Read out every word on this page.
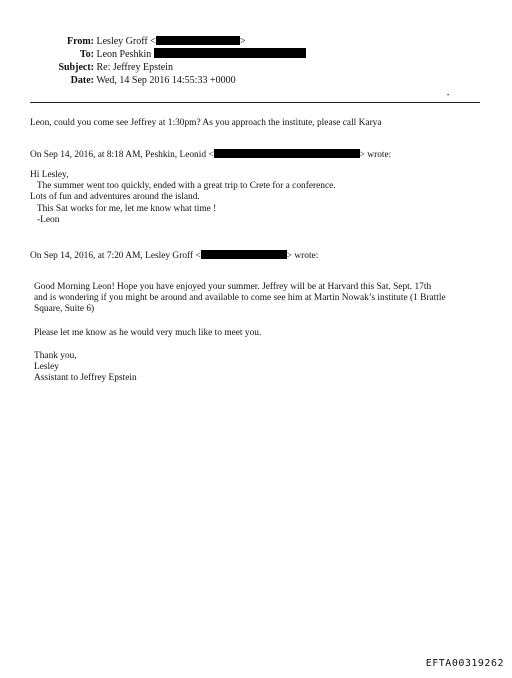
From: Lesley Groff <	>
To: Leon Peshkin
Subject: Re: Jeffrey Epstein
Date: Wed, 14 Sep 2016 14:55:33 +0000
•
Leon, could you come see Jeffrey at 1:30pm? As you approach the institute, please call Karya
On Sep 14, 2016, at 8:18 AM, Peshkin, Leonid <	> wrote:
Hi Lesley,
The summer went too quickly, ended with a great trip to Crete for a conference.
Lots of fun and adventures around the island.
This Sat works for me, let me know what time !
-Leon
On Sep 14, 2016, at 7:20 AM, Lesley Groff <	> wrote:
Good Morning Leon! Hope you have enjoyed your summer. Jeffrey will be at Harvard this Sat. Sept. 17th
and is wondering if you might be around and available to come see him at Martin Nowak’s institute (1 Brattle
Square, Suite 6)
Please let me know as he would very much like to meet you.
Thank you,
Lesley
Assistant to Jeffrey Epstein
EFTA00319262
